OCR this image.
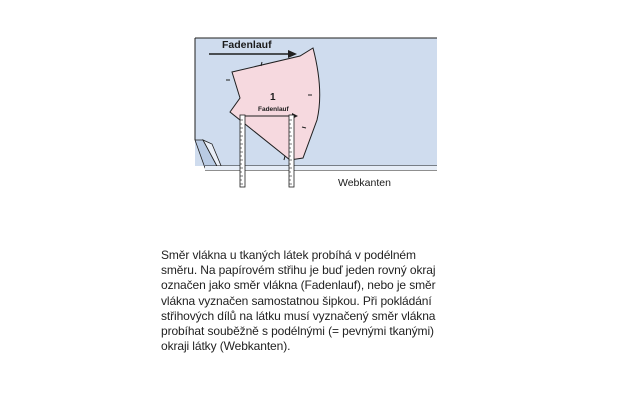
Fadenlauf
1
Fadenlauf
Webkanten
Směr vlákna u tkaných látek probíhá v podélném směru. Na papírovém střihu je buď jeden rovný okraj označen jako směr vlákna (Fadenlauf), nebo je směr vlákna vyznačen samostatnou šipkou. Při pokládání střihových dílů na látku musí vyznačený směr vlákna probíhat souběžně s podélnými (= pevnými tkanými) okraji látky (Webkanten).
